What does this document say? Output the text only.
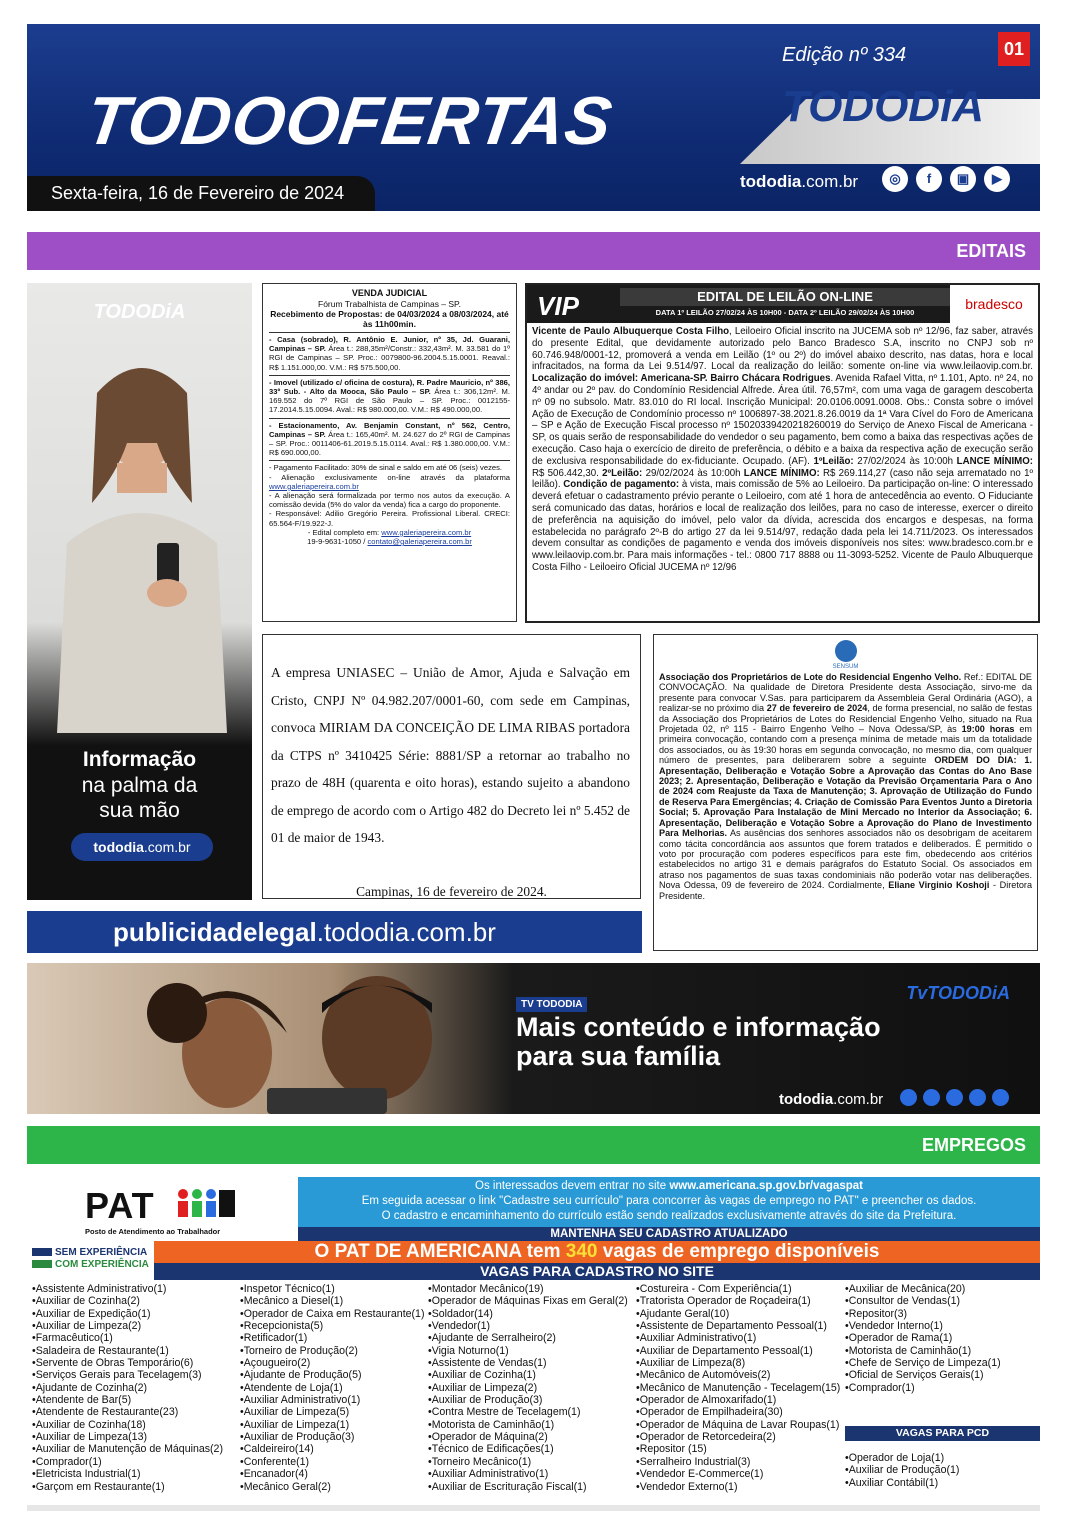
01
Edição nº 334
TODOOFERTAS	TODODiA
Sexta-feira, 16 de Fevereiro de 2024
tododia.com.br	◎	f	▣	▶
EDITAIS
TODODiA
Informação
na palma da
sua mão
tododia.com.br
VENDA JUDICIAL
Fórum Trabalhista de Campinas – SP.
Recebimento de Propostas: de 04/03/2024 a 08/03/2024, até às 11h00min.
- Casa (sobrado), R. Antônio E. Junior, nº 35, Jd. Guarani, Campinas – SP. Área t.: 288,35m²/Constr.: 332,43m². M. 33.581 do 1º RGI de Campinas – SP. Proc.: 0079800-96.2004.5.15.0001. Reaval.: R$ 1.151.000,00. V.M.: R$ 575.500,00.
- Imovel (utilizado c/ oficina de costura), R. Padre Mauricio, nº 386, 33º Sub. - Alto da Mooca, São Paulo – SP. Área t.: 306,12m². M. 169.552 do 7º RGI de São Paulo – SP. Proc.: 0012155-17.2014.5.15.0094. Aval.: R$ 980.000,00. V.M.: R$ 490.000,00.
- Estacionamento, Av. Benjamin Constant, nº 562, Centro, Campinas – SP. Área t.: 165,40m². M. 24.627 do 2º RGI de Campinas – SP. Proc.: 0011406-61.2019.5.15.0114. Aval.: R$ 1.380.000,00. V.M.: R$ 690.000,00.
- Pagamento Facilitado: 30% de sinal e saldo em até 06 (seis) vezes.
- Alienação exclusivamente on-line através da plataforma www.galeriapereira.com.br
- A alienação será formalizada por termo nos autos da execução. A comissão devida (5% do valor da venda) fica a cargo do proponente.
- Responsável: Adilio Gregório Pereira. Profissional Liberal. CRECI: 65.564-F/19.922-J.
- Edital completo em: www.galeriapereira.com.br
19-9-9631-1050 / contato@galeriapereira.com.br
VIP	EDITAL DE LEILÃO ON-LINE
DATA 1º LEILÃO 27/02/24 ÀS 10H00 - DATA 2º LEILÃO 29/02/24 ÀS 10H00
bradesco
Vicente de Paulo Albuquerque Costa Filho, Leiloeiro Oficial inscrito na JUCEMA sob nº 12/96, faz saber, através do presente Edital, que devidamente autorizado pelo Banco Bradesco S.A, inscrito no CNPJ sob nº 60.746.948/0001-12, promoverá a venda em Leilão (1º ou 2º) do imóvel abaixo descrito, nas datas, hora e local infracitados, na forma da Lei 9.514/97. Local da realização do leilão: somente on-line via www.leilaovip.com.br. Localização do imóvel: Americana-SP. Bairro Chácara Rodrigues. Avenida Rafael Vitta, nº 1.101, Apto. nº 24, no 4º andar ou 2º pav. do Condomínio Residencial Alfrede. Área útil. 76,57m², com uma vaga de garagem descoberta nº 09 no subsolo. Matr. 83.010 do RI local. Inscrição Municipal: 20.0106.0091.0008. Obs.: Consta sobre o imóvel Ação de Execução de Condomínio processo nº 1006897-38.2021.8.26.0019 da 1ª Vara Cível do Foro de Americana – SP e Ação de Execução Fiscal processo nº 15020339420218260019 do Serviço de Anexo Fiscal de Americana -SP, os quais serão de responsabilidade do vendedor o seu pagamento, bem como a baixa das respectivas ações de execução. Caso haja o exercício de direito de preferência, o débito e a baixa da respectiva ação de execução serão de exclusiva responsabilidade do ex-fiduciante. Ocupado. (AF). 1ºLeilão: 27/02/2024 às 10:00h LANCE MÍNIMO: R$ 506.442,30. 2ºLeilão: 29/02/2024 às 10:00h LANCE MÍNIMO: R$ 269.114,27 (caso não seja arrematado no 1º leilão). Condição de pagamento: à vista, mais comissão de 5% ao Leiloeiro. Da participação on-line: O interessado deverá efetuar o cadastramento prévio perante o Leiloeiro, com até 1 hora de antecedência ao evento. O Fiduciante será comunicado das datas, horários e local de realização dos leilões, para no caso de interesse, exercer o direito de preferência na aquisição do imóvel, pelo valor da dívida, acrescida dos encargos e despesas, na forma estabelecida no parágrafo 2º-B do artigo 27 da lei 9.514/97, redação dada pela lei 14.711/2023. Os interessados devem consultar as condições de pagamento e venda dos imóveis disponíveis nos sites: www.bradesco.com.br e www.leilaovip.com.br. Para mais informações - tel.: 0800 717 8888 ou 11-3093-5252. Vicente de Paulo Albuquerque Costa Filho - Leiloeiro Oficial JUCEMA nº 12/96
A empresa UNIASEC – União de Amor, Ajuda e Salvação em Cristo, CNPJ Nº 04.982.207/0001-60, com sede em Campinas, convoca MIRIAM DA CONCEIÇÃO DE LIMA RIBAS portadora da CTPS nº 3410425 Série: 8881/SP a retornar ao trabalho no prazo de 48H (quarenta e oito horas), estando sujeito a abandono de emprego de acordo com o Artigo 482 do Decreto lei nº 5.452 de 01 de maior de 1943.
Campinas, 16 de fevereiro de 2024.
SENSUM
Associação dos Proprietários de Lote do Residencial Engenho Velho. Ref.: EDITAL DE CONVOCAÇÃO. Na qualidade de Diretora Presidente desta Associação, sirvo-me da presente para convocar V.Sas. para participarem da Assembleia Geral Ordinária (AGO), a realizar-se no próximo dia 27 de fevereiro de 2024, de forma presencial, no salão de festas da Associação dos Proprietários de Lotes do Residencial Engenho Velho, situado na Rua Projetada 02, nº 115 - Bairro Engenho Velho – Nova Odessa/SP, às 19:00 horas em primeira convocação, contando com a presença mínima de metade mais um da totalidade dos associados, ou às 19:30 horas em segunda convocação, no mesmo dia, com qualquer número de presentes, para deliberarem sobre a seguinte ORDEM DO DIA: 1. Apresentação, Deliberação e Votação Sobre a Aprovação das Contas do Ano Base 2023; 2. Apresentação, Deliberação e Votação da Previsão Orçamentaria Para o Ano de 2024 com Reajuste da Taxa de Manutenção; 3. Aprovação de Utilização do Fundo de Reserva Para Emergências; 4. Criação de Comissão Para Eventos Junto a Diretoria Social; 5. Aprovação Para Instalação de Mini Mercado no Interior da Associação; 6. Apresentação, Deliberação e Votação Sobre a Aprovação do Plano de Investimento Para Melhorias. As ausências dos senhores associados não os desobrigam de aceitarem como tácita concordância aos assuntos que forem tratados e deliberados. É permitido o voto por procuração com poderes específicos para este fim, obedecendo aos critérios estabelecidos no artigo 31 e demais parágrafos do Estatuto Social. Os associados em atraso nos pagamentos de suas taxas condominiais não poderão votar nas deliberações. Nova Odessa, 09 de fevereiro de 2024. Cordialmente, Eliane Virginio Koshoji - Diretora Presidente.
publicidadelegal.tododia.com.br
TV TODODIA
Mais conteúdo e informação
para sua família
TvTODODiA
tododia.com.br
EMPREGOS
PAT
Posto de Atendimento ao Trabalhador
Os interessados devem entrar no site www.americana.sp.gov.br/vagaspat
Em seguida acessar o link "Cadastre seu currículo" para concorrer às vagas de emprego no PAT" e preencher os dados.
O cadastro e encaminhamento do currículo estão sendo realizados exclusivamente através do site da Prefeitura.
MANTENHA SEU CADASTRO ATUALIZADO
O PAT DE AMERICANA tem 340 vagas de emprego disponíveis
VAGAS PARA CADASTRO NO SITE
SEM EXPERIÊNCIA
COM EXPERIÊNCIA
•Assistente Administrativo(1)
•Auxiliar de Cozinha(2)
•Auxiliar de Expedição(1)
•Auxiliar de Limpeza(2)
•Farmacêutico(1)
•Saladeira de Restaurante(1)
•Servente de Obras Temporário(6)
•Serviços Gerais para Tecelagem(3)
•Ajudante de Cozinha(2)
•Atendente de Bar(5)
•Atendente de Restaurante(23)
•Auxiliar de Cozinha(18)
•Auxiliar de Limpeza(13)
•Auxiliar de Manutenção de Máquinas(2)
•Comprador(1)
•Eletricista Industrial(1)
•Garçom em Restaurante(1)
•Inspetor Técnico(1)
•Mecânico a Diesel(1)
•Operador de Caixa em Restaurante(1)
•Recepcionista(5)
•Retificador(1)
•Torneiro de Produção(2)
•Açougueiro(2)
•Ajudante de Produção(5)
•Atendente de Loja(1)
•Auxiliar Administrativo(1)
•Auxiliar de Limpeza(5)
•Auxiliar de Limpeza(1)
•Auxiliar de Produção(3)
•Caldeireiro(14)
•Conferente(1)
•Encanador(4)
•Mecânico Geral(2)
•Montador Mecânico(19)
•Operador de Máquinas Fixas em Geral(2)
•Soldador(14)
•Vendedor(1)
•Ajudante de Serralheiro(2)
•Vigia Noturno(1)
•Assistente de Vendas(1)
•Auxiliar de Cozinha(1)
•Auxiliar de Limpeza(2)
•Auxiliar de Produção(3)
•Contra Mestre de Tecelagem(1)
•Motorista de Caminhão(1)
•Operador de Máquina(2)
•Técnico de Edificações(1)
•Torneiro Mecânico(1)
•Auxiliar Administrativo(1)
•Auxiliar de Escrituração Fiscal(1)
•Costureira - Com Experiência(1)
•Tratorista Operador de Roçadeira(1)
•Ajudante Geral(10)
•Assistente de Departamento Pessoal(1)
•Auxiliar Administrativo(1)
•Auxiliar de Departamento Pessoal(1)
•Auxiliar de Limpeza(8)
•Mecânico de Automóveis(2)
•Mecânico de Manutenção - Tecelagem(15)
•Operador de Almoxarifado(1)
•Operador de Empilhadeira(30)
•Operador de Máquina de Lavar Roupas(1)
•Operador de Retorcedeira(2)
•Repositor (15)
•Serralheiro Industrial(3)
•Vendedor E-Commerce(1)
•Vendedor Externo(1)
•Auxiliar de Mecânica(20)
•Consultor de Vendas(1)
•Repositor(3)
•Vendedor Interno(1)
•Operador de Rama(1)
•Motorista de Caminhão(1)
•Chefe de Serviço de Limpeza(1)
•Oficial de Serviços Gerais(1)
•Comprador(1)
VAGAS PARA PCD
•Operador de Loja(1)
•Auxiliar de Produção(1)
•Auxiliar Contábil(1)
